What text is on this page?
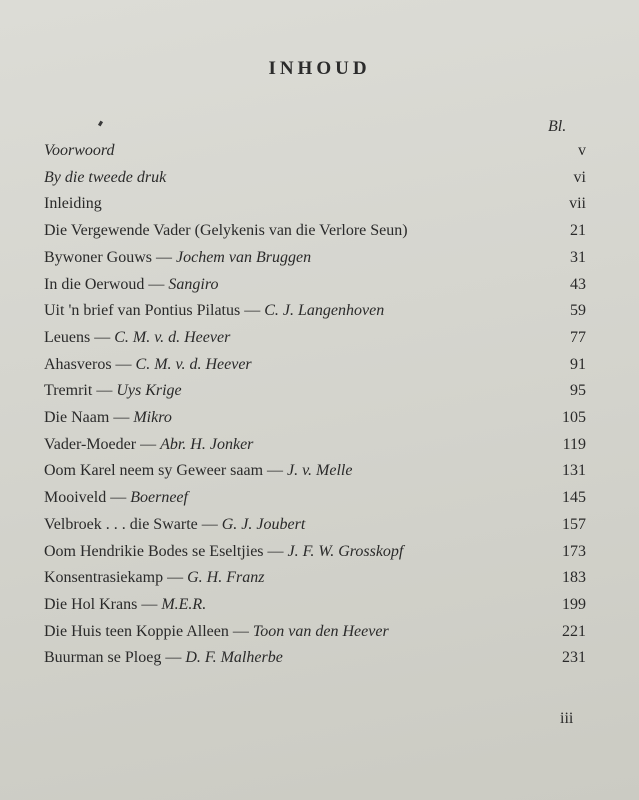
INHOUD
Bl.
Voorwoord	v
By die tweede druk	vi
Inleiding	vii
Die Vergewende Vader (Gelykenis van die Verlore Seun)	21
Bywoner Gouws — Jochem van Bruggen	31
In die Oerwoud — Sangiro	43
Uit 'n brief van Pontius Pilatus — C. J. Langenhoven	59
Leuens — C. M. v. d. Heever	77
Ahasveros — C. M. v. d. Heever	91
Tremrit — Uys Krige	95
Die Naam — Mikro	105
Vader-Moeder — Abr. H. Jonker	119
Oom Karel neem sy Geweer saam — J. v. Melle	131
Mooiveld — Boerneef	145
Velbroek . . . die Swarte — G. J. Joubert	157
Oom Hendrikie Bodes se Eseltjies — J. F. W. Grosskopf	173
Konsentrasiekamp — G. H. Franz	183
Die Hol Krans — M.E.R.	199
Die Huis teen Koppie Alleen — Toon van den Heever	221
Buurman se Ploeg — D. F. Malherbe	231
iii
